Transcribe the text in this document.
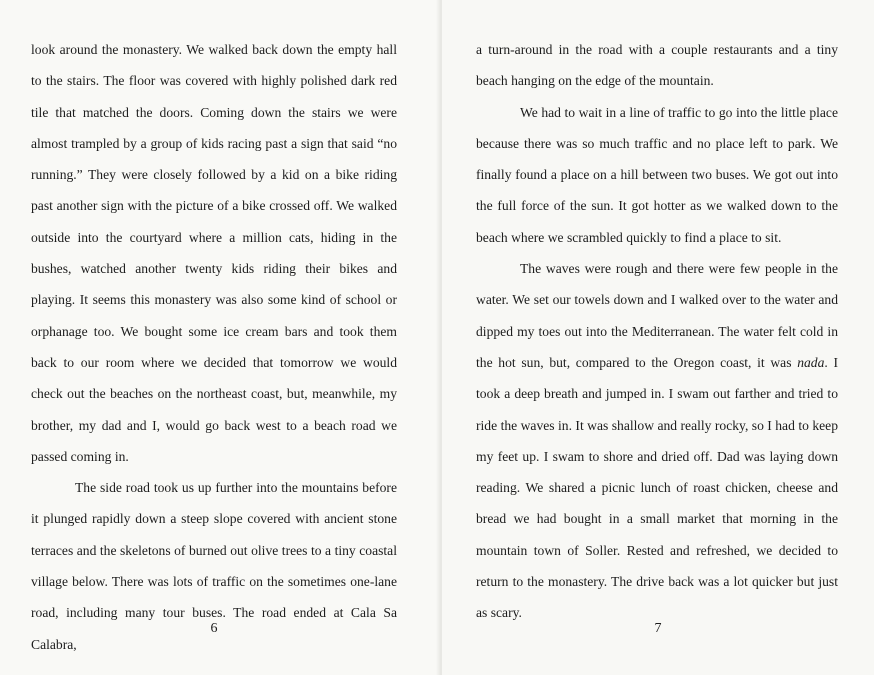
look around the monastery. We walked back down the empty hall to the stairs. The floor was covered with highly polished dark red tile that matched the doors. Coming down the stairs we were almost trampled by a group of kids racing past a sign that said “no running.” They were closely followed by a kid on a bike riding past another sign with the picture of a bike crossed off. We walked outside into the courtyard where a million cats, hiding in the bushes, watched another twenty kids riding their bikes and playing. It seems this monastery was also some kind of school or orphanage too. We bought some ice cream bars and took them back to our room where we decided that tomorrow we would check out the beaches on the northeast coast, but, meanwhile, my brother, my dad and I, would go back west to a beach road we passed coming in.

The side road took us up further into the mountains before it plunged rapidly down a steep slope covered with ancient stone terraces and the skeletons of burned out olive trees to a tiny coastal village below. There was lots of traffic on the sometimes one-lane road, including many tour buses. The road ended at Cala Sa Calabra,

6

a turn-around in the road with a couple restaurants and a tiny beach hanging on the edge of the mountain.

We had to wait in a line of traffic to go into the little place because there was so much traffic and no place left to park. We finally found a place on a hill between two buses. We got out into the full force of the sun. It got hotter as we walked down to the beach where we scrambled quickly to find a place to sit.

The waves were rough and there were few people in the water. We set our towels down and I walked over to the water and dipped my toes out into the Mediterranean. The water felt cold in the hot sun, but, compared to the Oregon coast, it was nada. I took a deep breath and jumped in. I swam out farther and tried to ride the waves in. It was shallow and really rocky, so I had to keep my feet up. I swam to shore and dried off. Dad was laying down reading. We shared a picnic lunch of roast chicken, cheese and bread we had bought in a small market that morning in the mountain town of Soller. Rested and refreshed, we decided to return to the monastery. The drive back was a lot quicker but just as scary.

7
